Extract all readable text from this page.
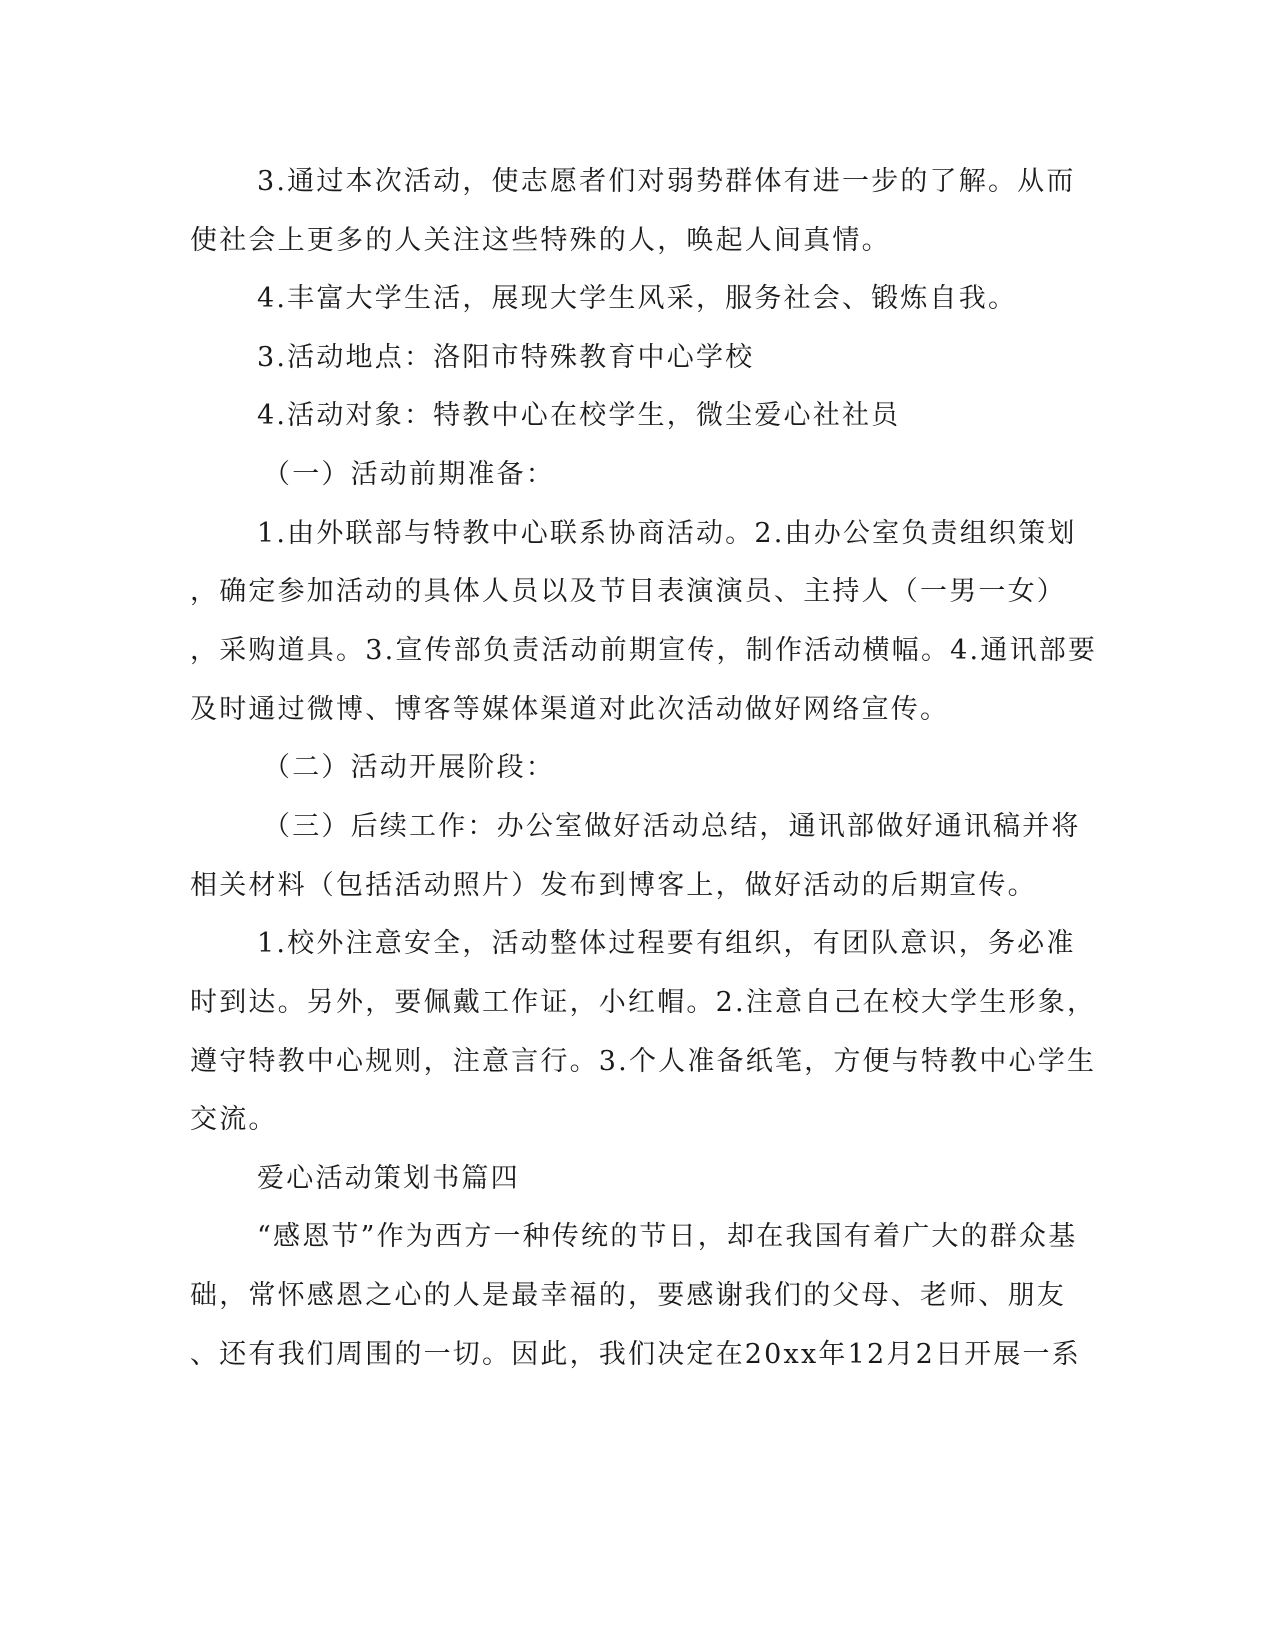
3.通过本次活动，使志愿者们对弱势群体有进一步的了解。从而
使社会上更多的人关注这些特殊的人，唤起人间真情。
4.丰富大学生活，展现大学生风采，服务社会、锻炼自我。
3.活动地点：洛阳市特殊教育中心学校
4.活动对象：特教中心在校学生，微尘爱心社社员
（一）活动前期准备：
1.由外联部与特教中心联系协商活动。2.由办公室负责组织策划
，确定参加活动的具体人员以及节目表演演员、主持人（一男一女）
，采购道具。3.宣传部负责活动前期宣传，制作活动横幅。4.通讯部要
及时通过微博、博客等媒体渠道对此次活动做好网络宣传。
（二）活动开展阶段：
（三）后续工作：办公室做好活动总结，通讯部做好通讯稿并将
相关材料（包括活动照片）发布到博客上，做好活动的后期宣传。
1.校外注意安全，活动整体过程要有组织，有团队意识，务必准
时到达。另外，要佩戴工作证，小红帽。2.注意自己在校大学生形象，
遵守特教中心规则，注意言行。3.个人准备纸笔，方便与特教中心学生
交流。
爱心活动策划书篇四
“感恩节”作为西方一种传统的节日，却在我国有着广大的群众基
础，常怀感恩之心的人是最幸福的，要感谢我们的父母、老师、朋友
、还有我们周围的一切。因此，我们决定在20xx年12月2日开展一系
